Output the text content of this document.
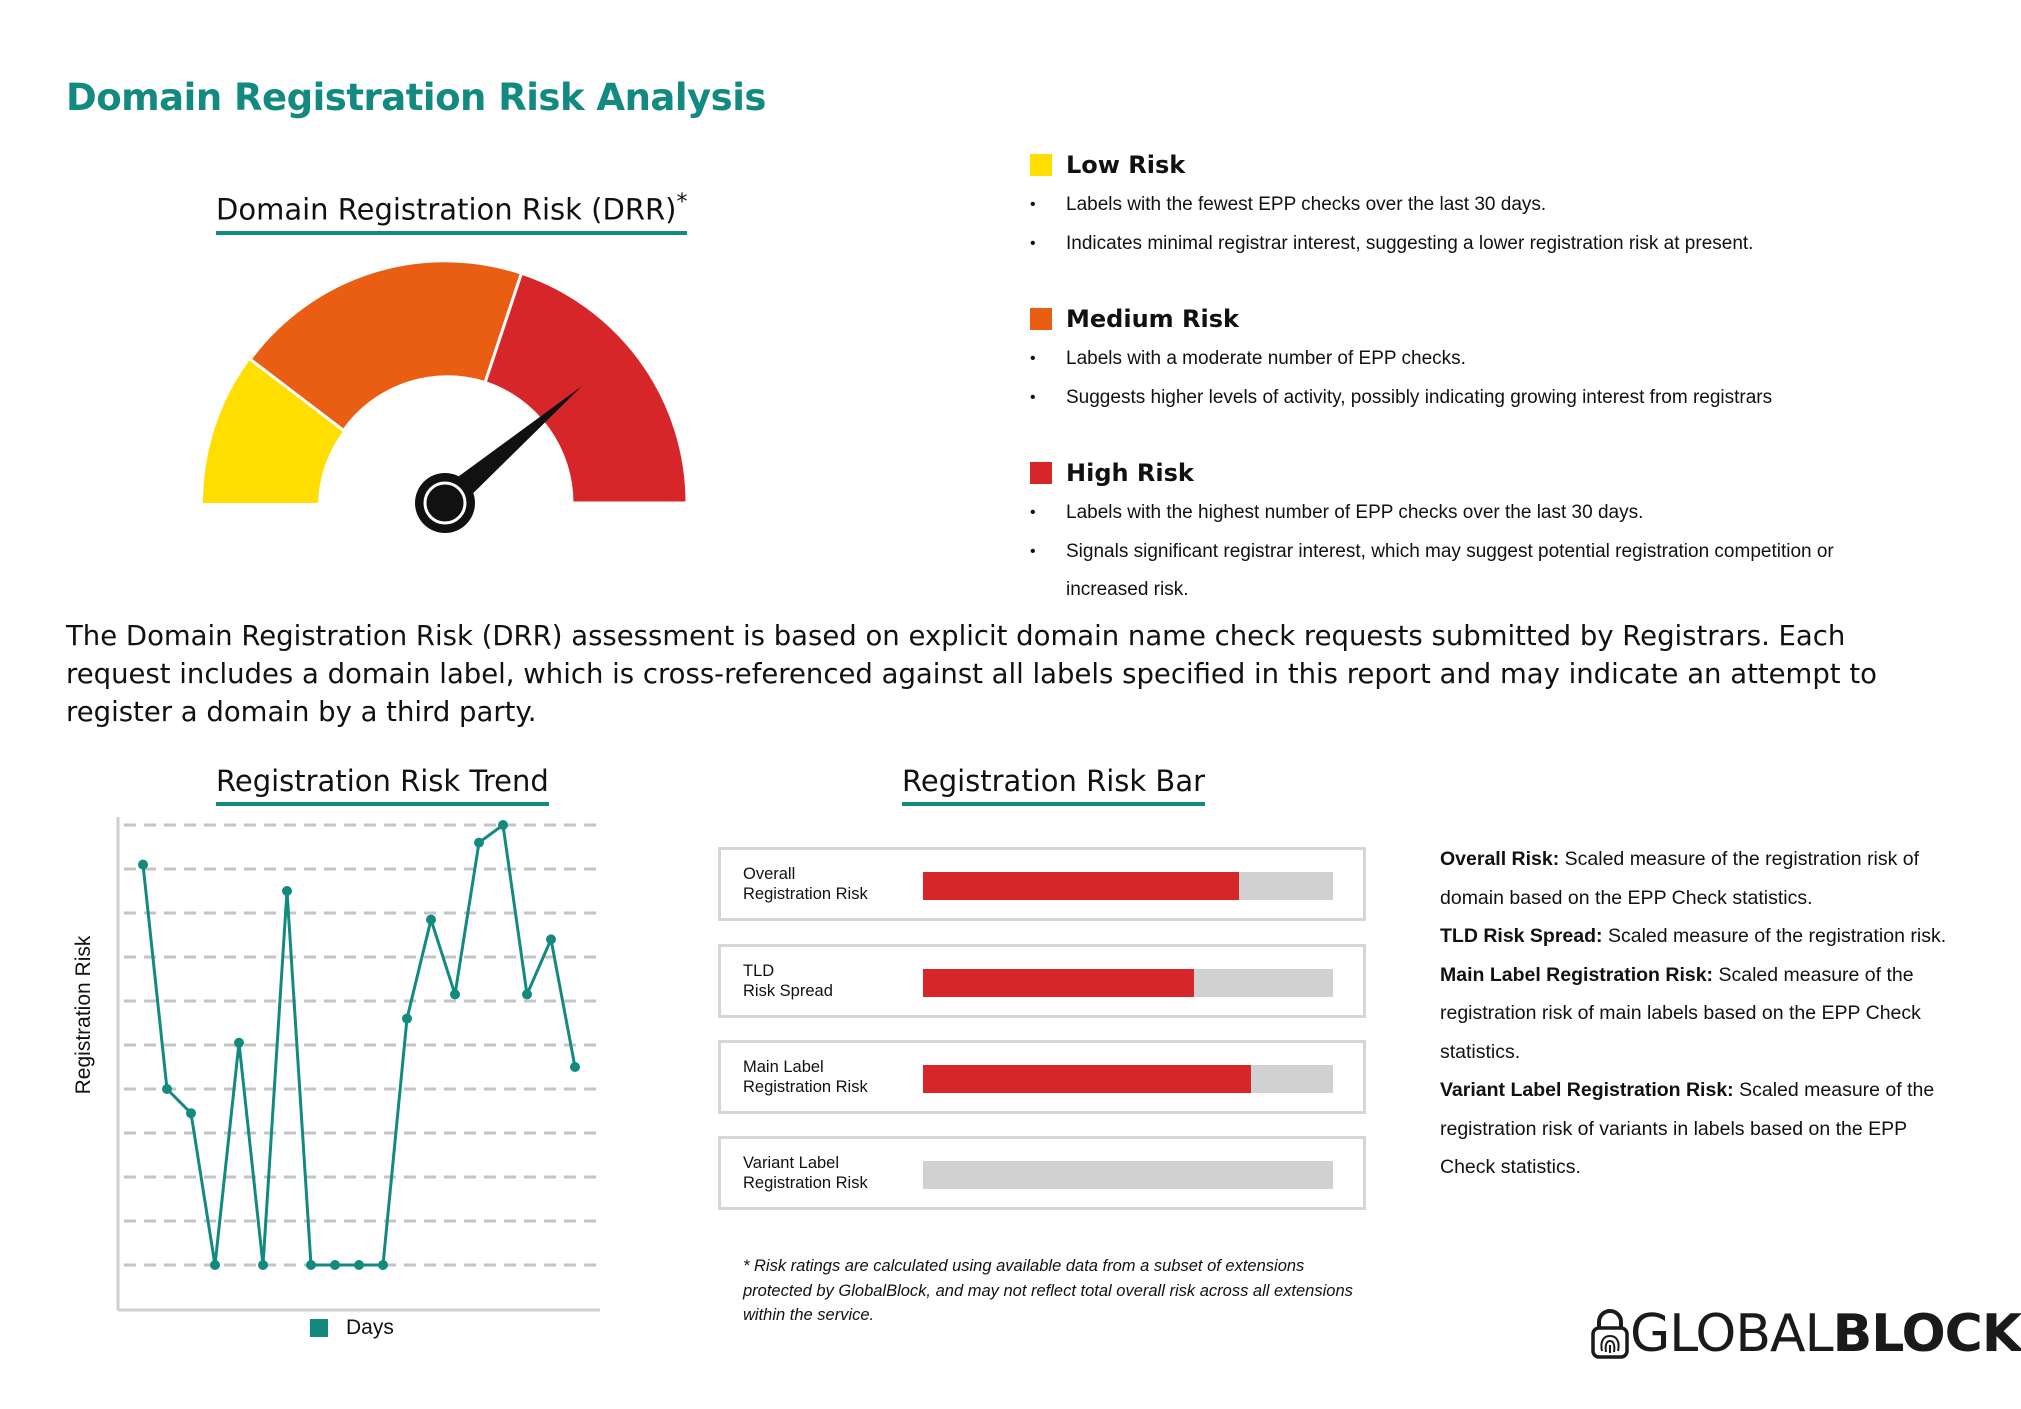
Domain Registration Risk Analysis
Domain Registration Risk (DRR)*
Low Risk
• Labels with the fewest EPP checks over the last 30 days.
• Indicates minimal registrar interest, suggesting a lower registration risk at present.
Medium Risk
• Labels with a moderate number of EPP checks.
• Suggests higher levels of activity, possibly indicating growing interest from registrars
High Risk
• Labels with the highest number of EPP checks over the last 30 days.
• Signals significant registrar interest, which may suggest potential registration competition or increased risk.
The Domain Registration Risk (DRR) assessment is based on explicit domain name check requests submitted by Registrars. Each request includes a domain label, which is cross-referenced against all labels specified in this report and may indicate an attempt to register a domain by a third party.
Registration Risk Trend
Registration Risk
Days
Registration Risk Bar
Overall
Registration Risk
TLD
Risk Spread
Main Label
Registration Risk
Variant Label
Registration Risk

Overall Risk: Scaled measure of the registration risk of domain based on the EPP Check statistics.

TLD Risk Spread: Scaled measure of the registration risk.

Main Label Registration Risk: Scaled measure of the registration risk of main labels based on the EPP Check statistics.

Variant Label Registration Risk: Scaled measure of the registration risk of variants in labels based on the EPP Check statistics.

* Risk ratings are calculated using available data from a subset of extensions protected by GlobalBlock, and may not reflect total overall risk across all extensions within the service.	GLOBALBLOCK
